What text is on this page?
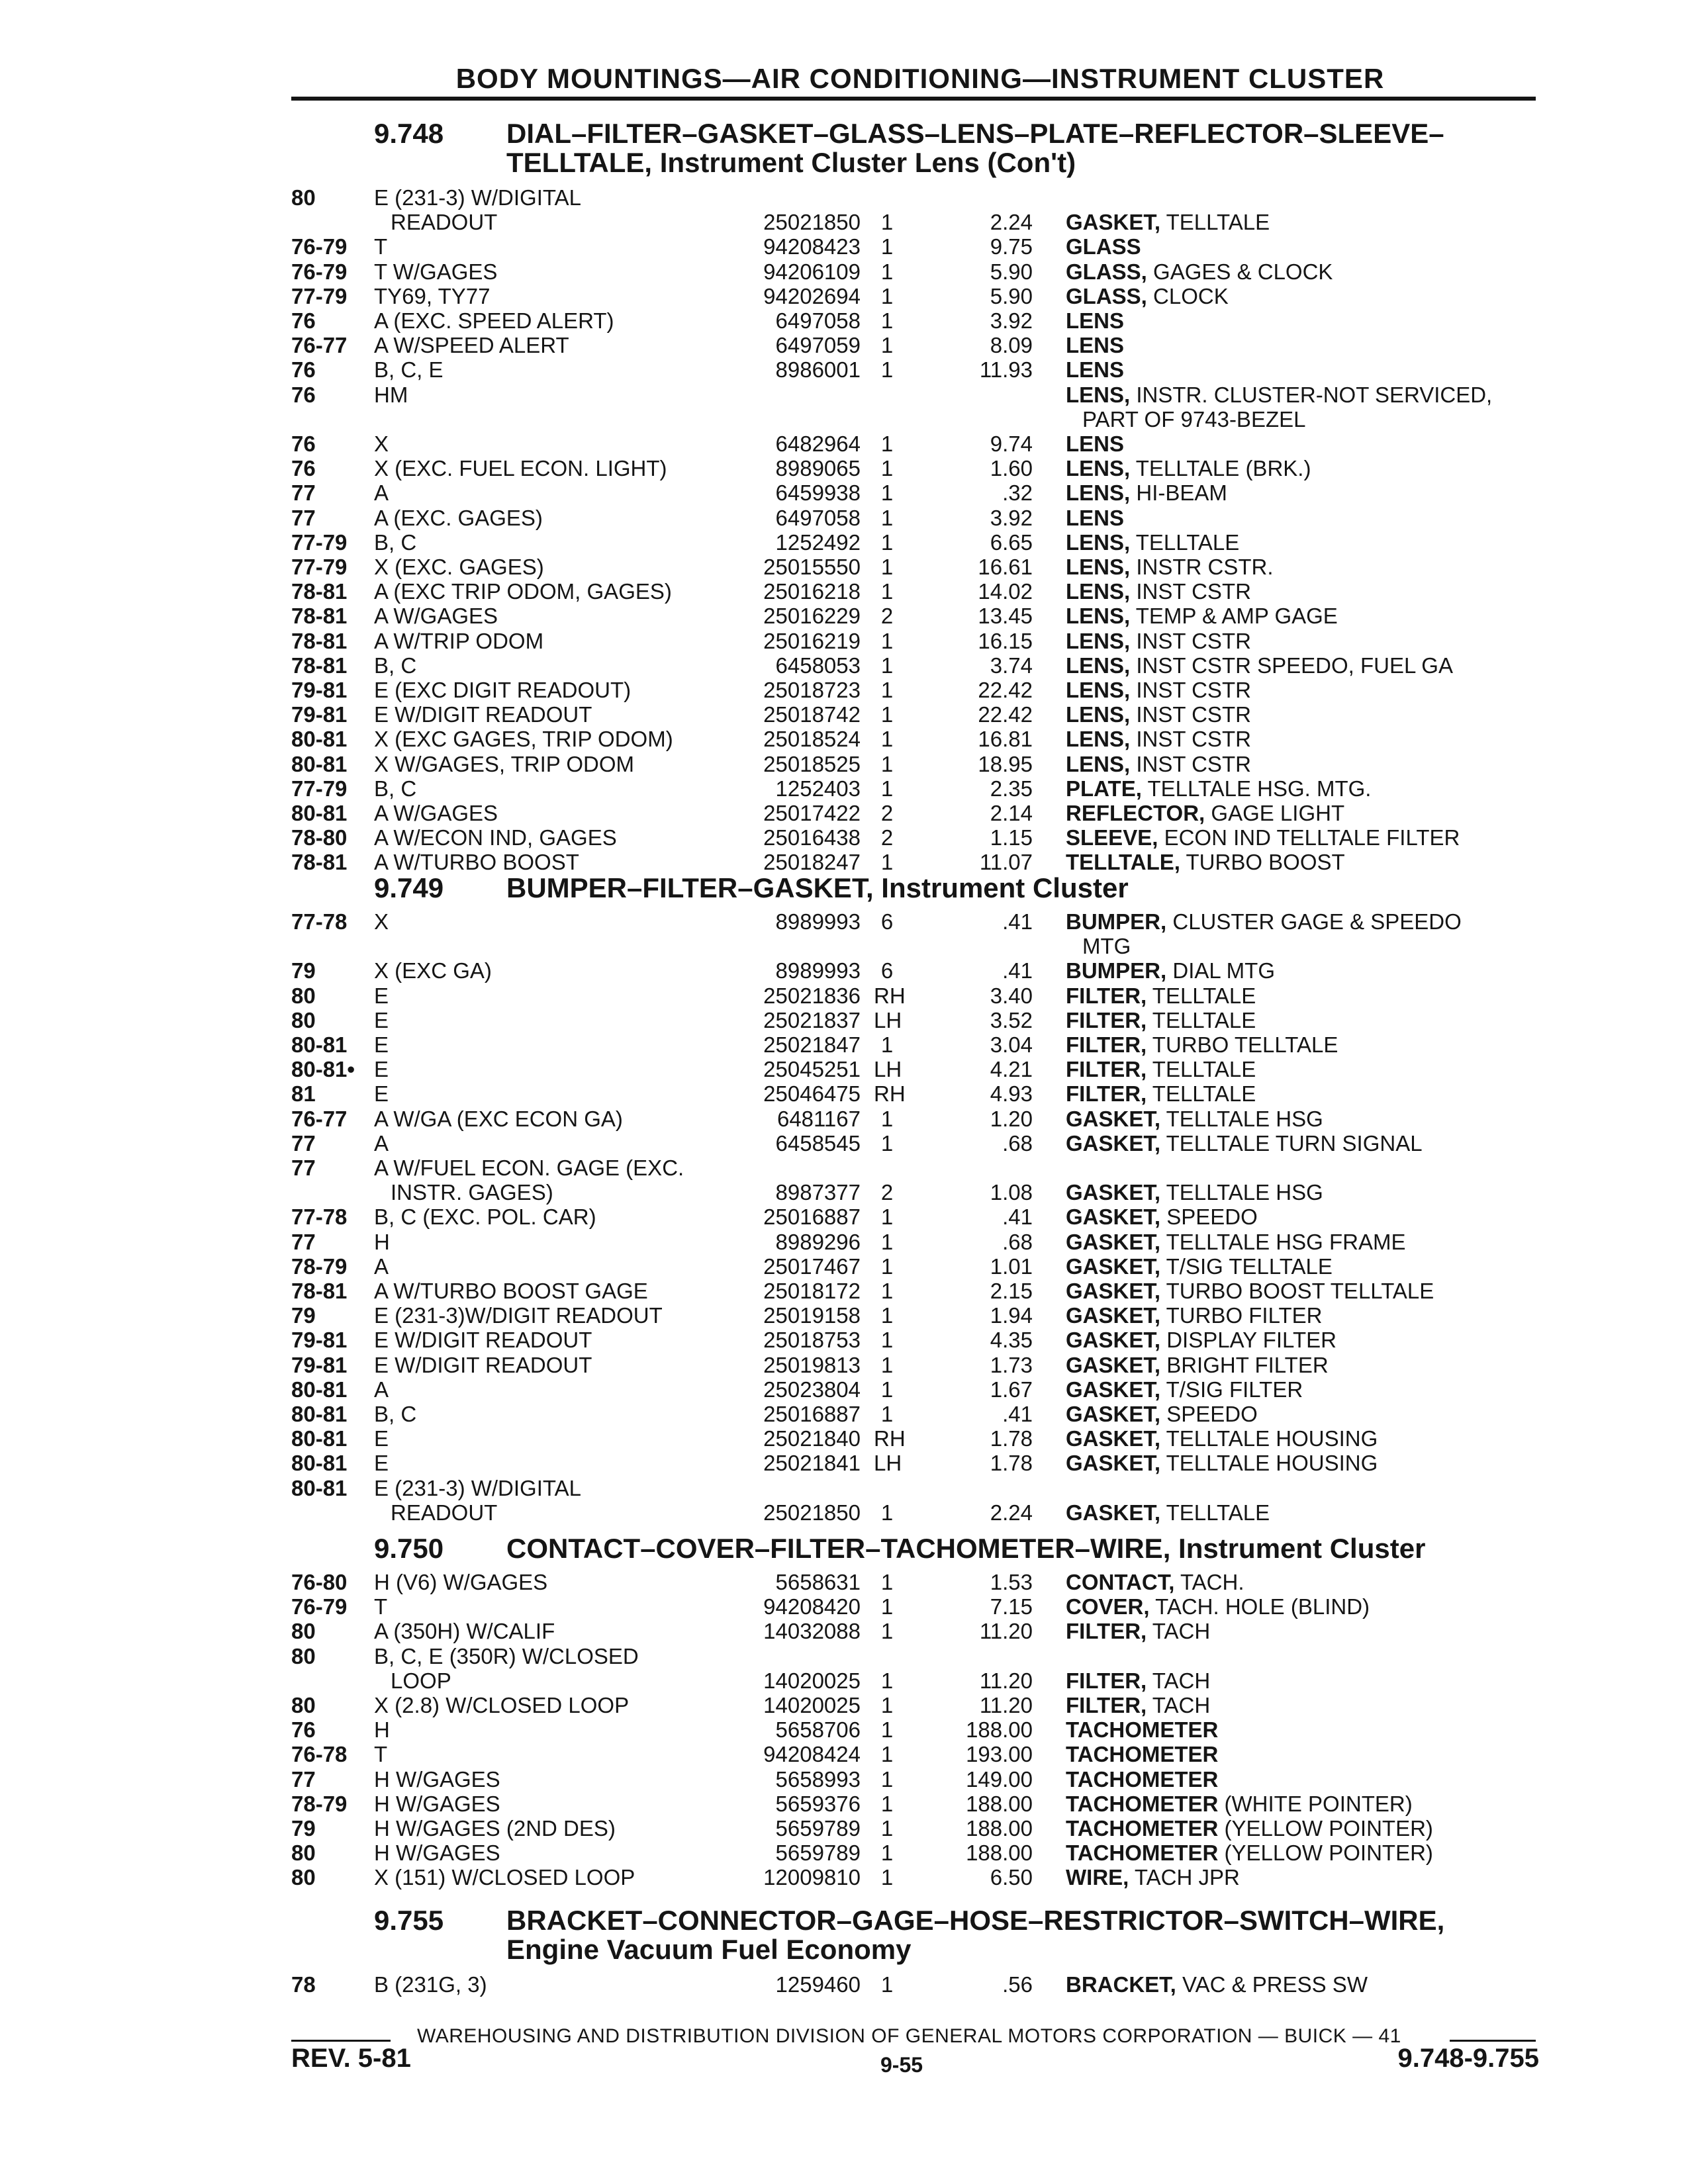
BODY MOUNTINGS—AIR CONDITIONING—INSTRUMENT CLUSTER
9.748 DIAL–FILTER–GASKET–GLASS–LENS–PLATE–REFLECTOR–SLEEVE–
TELLTALE, Instrument Cluster Lens (Con't)
80	E (231-3) W/DIGITAL
READOUT	25021850 1	2.24 GASKET, TELLTALE
76-79 T	94208423 1	9.75 GLASS
76-79 T W/GAGES	94206109 1	5.90 GLASS, GAGES & CLOCK
77-79 TY69, TY77	94202694 1	5.90 GLASS, CLOCK
76	A (EXC. SPEED ALERT)	6497058 1	3.92 LENS
76-77 A W/SPEED ALERT	6497059 1	8.09 LENS
76	B, C, E	8986001 1	11.93 LENS
76	HM	LENS, INSTR. CLUSTER-NOT SERVICED,
PART OF 9743-BEZEL
76	X	6482964 1	9.74 LENS
76	X (EXC. FUEL ECON. LIGHT)	8989065 1	1.60 LENS, TELLTALE (BRK.)
77	A	6459938 1	.32 LENS, HI-BEAM
77	A (EXC. GAGES)	6497058 1	3.92 LENS
77-79 B, C	1252492 1	6.65 LENS, TELLTALE
77-79 X (EXC. GAGES)	25015550 1	16.61 LENS, INSTR CSTR.
78-81 A (EXC TRIP ODOM, GAGES)	25016218 1	14.02 LENS, INST CSTR
78-81 A W/GAGES	25016229 2	13.45 LENS, TEMP & AMP GAGE
78-81 A W/TRIP ODOM	25016219 1	16.15 LENS, INST CSTR
78-81 B, C	6458053 1	3.74 LENS, INST CSTR SPEEDO, FUEL GA
79-81 E (EXC DIGIT READOUT)	25018723 1	22.42 LENS, INST CSTR
79-81 E W/DIGIT READOUT	25018742 1	22.42 LENS, INST CSTR
80-81 X (EXC GAGES, TRIP ODOM)	25018524 1	16.81 LENS, INST CSTR
80-81 X W/GAGES, TRIP ODOM	25018525 1	18.95 LENS, INST CSTR
77-79 B, C	1252403 1	2.35 PLATE, TELLTALE HSG. MTG.
80-81 A W/GAGES	25017422 2	2.14 REFLECTOR, GAGE LIGHT
78-80 A W/ECON IND, GAGES	25016438 2	1.15 SLEEVE, ECON IND TELLTALE FILTER
78-81 A W/TURBO BOOST	25018247 1	11.07 TELLTALE, TURBO BOOST
9.749 BUMPER–FILTER–GASKET, Instrument Cluster
77-78 X	8989993 6	.41 BUMPER, CLUSTER GAGE & SPEEDO
MTG
79	X (EXC GA)	8989993 6	.41 BUMPER, DIAL MTG
80	E	25021836 RH	3.40 FILTER, TELLTALE
80	E	25021837 LH	3.52 FILTER, TELLTALE
80-81 E	25021847 1	3.04 FILTER, TURBO TELLTALE
80-81• E	25045251 LH	4.21 FILTER, TELLTALE
81	E	25046475 RH	4.93 FILTER, TELLTALE
76-77 A W/GA (EXC ECON GA)	6481167 1	1.20 GASKET, TELLTALE HSG
77	A	6458545 1	.68 GASKET, TELLTALE TURN SIGNAL
77	A W/FUEL ECON. GAGE (EXC.
INSTR. GAGES)	8987377 2	1.08 GASKET, TELLTALE HSG
77-78 B, C (EXC. POL. CAR)	25016887 1	.41 GASKET, SPEEDO
77	H	8989296 1	.68 GASKET, TELLTALE HSG FRAME
78-79 A	25017467 1	1.01 GASKET, T/SIG TELLTALE
78-81 A W/TURBO BOOST GAGE	25018172 1	2.15 GASKET, TURBO BOOST TELLTALE
79	E (231-3)W/DIGIT READOUT	25019158 1	1.94 GASKET, TURBO FILTER
79-81 E W/DIGIT READOUT	25018753 1	4.35 GASKET, DISPLAY FILTER
79-81 E W/DIGIT READOUT	25019813 1	1.73 GASKET, BRIGHT FILTER
80-81 A	25023804 1	1.67 GASKET, T/SIG FILTER
80-81 B, C	25016887 1	.41 GASKET, SPEEDO
80-81 E	25021840 RH	1.78 GASKET, TELLTALE HOUSING
80-81 E	25021841 LH	1.78 GASKET, TELLTALE HOUSING
80-81 E (231-3) W/DIGITAL
READOUT	25021850 1	2.24 GASKET, TELLTALE
9.750 CONTACT–COVER–FILTER–TACHOMETER–WIRE, Instrument Cluster
76-80 H (V6) W/GAGES	5658631 1	1.53 CONTACT, TACH.
76-79 T	94208420 1	7.15 COVER, TACH. HOLE (BLIND)
80	A (350H) W/CALIF	14032088 1	11.20 FILTER, TACH
80	B, C, E (350R) W/CLOSED
LOOP	14020025 1	11.20 FILTER, TACH
80	X (2.8) W/CLOSED LOOP	14020025 1	11.20 FILTER, TACH
76	H	5658706 1	188.00 TACHOMETER
76-78 T	94208424 1	193.00 TACHOMETER
77	H W/GAGES	5658993 1	149.00 TACHOMETER
78-79 H W/GAGES	5659376 1	188.00 TACHOMETER (WHITE POINTER)
79	H W/GAGES (2ND DES)	5659789 1	188.00 TACHOMETER (YELLOW POINTER)
80	H W/GAGES	5659789 1	188.00 TACHOMETER (YELLOW POINTER)
80	X (151) W/CLOSED LOOP	12009810 1	6.50 WIRE, TACH JPR
9.755 BRACKET–CONNECTOR–GAGE–HOSE–RESTRICTOR–SWITCH–WIRE,
Engine Vacuum Fuel Economy
78	B (231G, 3)	1259460 1	.56 BRACKET, VAC & PRESS SW
WAREHOUSING AND DISTRIBUTION DIVISION OF GENERAL MOTORS CORPORATION — BUICK — 41
REV. 5-81	9-55	9.748-9.755
